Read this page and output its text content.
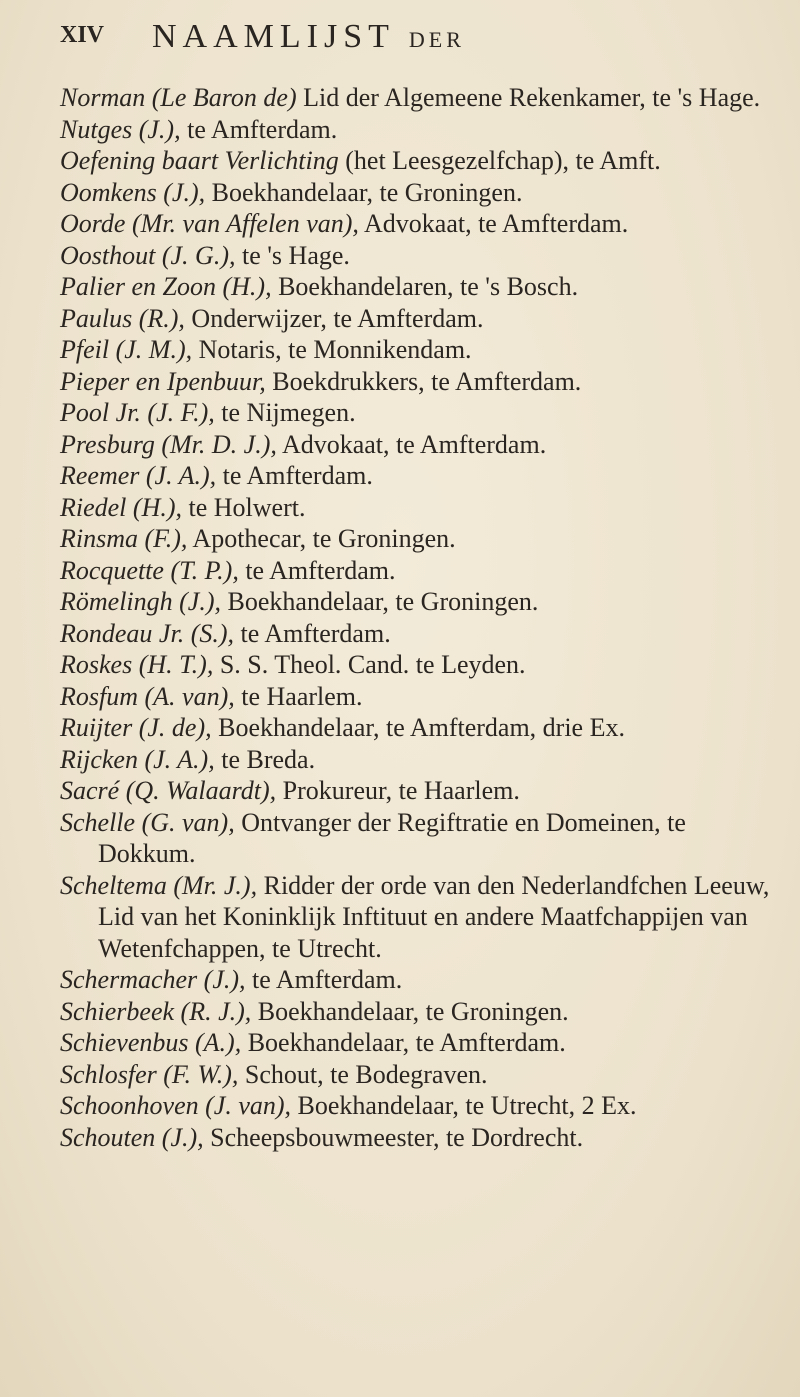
XIV NAAMLIJST DER
Norman (Le Baron de) Lid der Algemeene Rekenkamer, te 's Hage.
Nutges (J.), te Amfterdam.
Oefening baart Verlichting (het Leesgezelfchap), te Amft.
Oomkens (J.), Boekhandelaar, te Groningen.
Oorde (Mr. van Affelen van), Advokaat, te Amfterdam.
Oosthout (J. G.), te 's Hage.
Palier en Zoon (H.), Boekhandelaren, te 's Bosch.
Paulus (R.), Onderwijzer, te Amfterdam.
Pfeil (J. M.), Notaris, te Monnikendam.
Pieper en Ipenbuur, Boekdrukkers, te Amfterdam.
Pool Jr. (J. F.), te Nijmegen.
Presburg (Mr. D. J.), Advokaat, te Amfterdam.
Reemer (J. A.), te Amfterdam.
Riedel (H.), te Holwert.
Rinsma (F.), Apothecar, te Groningen.
Rocquette (T. P.), te Amfterdam.
Römelingh (J.), Boekhandelaar, te Groningen.
Rondeau Jr. (S.), te Amfterdam.
Roskes (H. T.), S. S. Theol. Cand. te Leyden.
Rosfum (A. van), te Haarlem.
Ruijter (J. de), Boekhandelaar, te Amfterdam, drie Ex.
Rijcken (J. A.), te Breda.
Sacré (Q. Walaardt), Prokureur, te Haarlem.
Schelle (G. van), Ontvanger der Regiftratie en Domeinen, te Dokkum.
Scheltema (Mr. J.), Ridder der orde van den Nederlandfchen Leeuw, Lid van het Koninklijk Inftituut en andere Maatfchappijen van Wetenfchappen, te Utrecht.
Schermacher (J.), te Amfterdam.
Schierbeek (R. J.), Boekhandelaar, te Groningen.
Schievenbus (A.), Boekhandelaar, te Amfterdam.
Schlosfer (F. W.), Schout, te Bodegraven.
Schoonhoven (J. van), Boekhandelaar, te Utrecht, 2 Ex.
Schouten (J.), Scheepsbouwmeester, te Dordrecht.
